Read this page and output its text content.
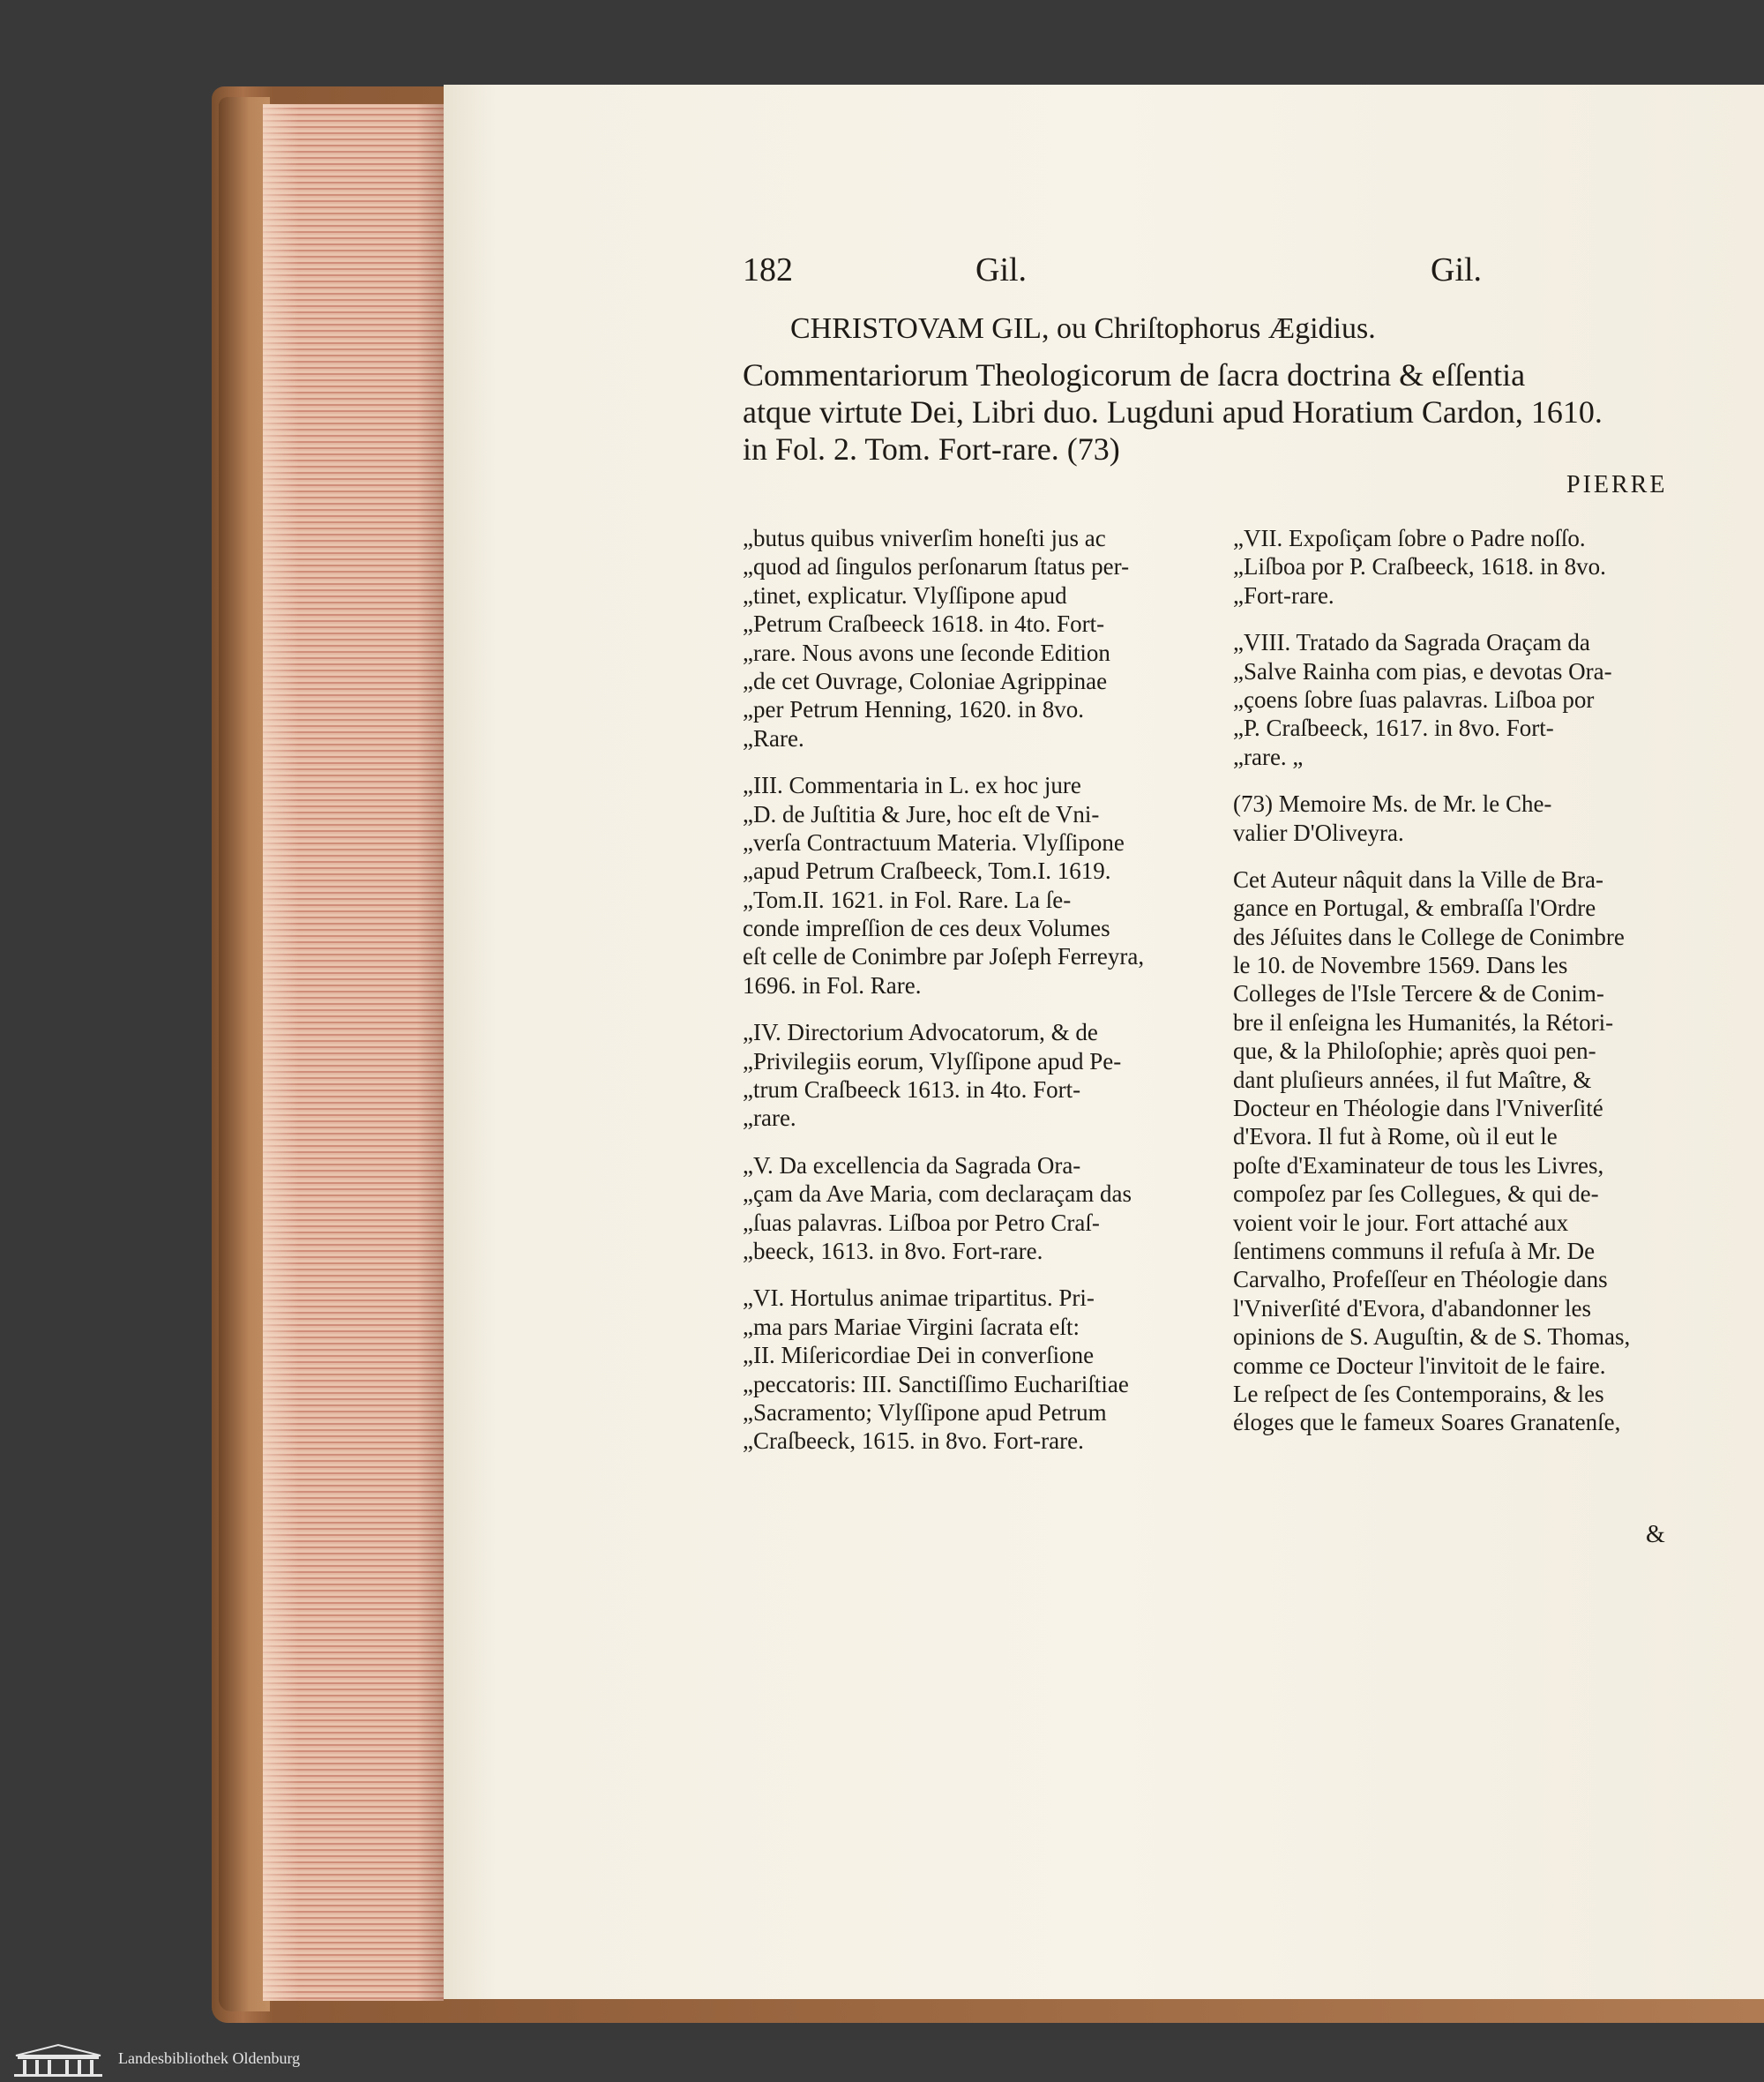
182	Gil.	Gil.
CHRISTOVAM GIL, ou Chriſtophorus Ægidius.
Commentariorum Theologicorum de ſacra doctrina & eſſentia
atque virtute Dei, Libri duo. Lugduni apud Horatium Cardon, 1610.
in Fol. 2. Tom. Fort-rare. (73)
PIERRE

„butus quibus vniverſim honeſti jus ac
„quod ad ſingulos perſonarum ſtatus per-
„tinet, explicatur. Vlyſſipone apud
„Petrum Craſbeeck 1618. in 4to. Fort-
„rare. Nous avons une ſeconde Edition
„de cet Ouvrage, Coloniae Agrippinae
„per Petrum Henning, 1620. in 8vo.
„Rare.

„III. Commentaria in L. ex hoc jure
„D. de Juſtitia & Jure, hoc eſt de Vni-
„verſa Contractuum Materia. Vlyſſipone
„apud Petrum Craſbeeck, Tom.I. 1619.
„Tom.II. 1621. in Fol. Rare. La ſe-
conde impreſſion de ces deux Volumes
eſt celle de Conimbre par Joſeph Ferreyra,
1696. in Fol. Rare.

„IV. Directorium Advocatorum, & de
„Privilegiis eorum, Vlyſſipone apud Pe-
„trum Craſbeeck 1613. in 4to. Fort-
„rare.

„V. Da excellencia da Sagrada Ora-
„çam da Ave Maria, com declaraçam das
„ſuas palavras. Liſboa por Petro Craſ-
„beeck, 1613. in 8vo. Fort-rare.

„VI. Hortulus animae tripartitus. Pri-
„ma pars Mariae Virgini ſacrata eſt:
„II. Miſericordiae Dei in converſione
„peccatoris: III. Sanctiſſimo Euchariſtiae
„Sacramento; Vlyſſipone apud Petrum
„Craſbeeck, 1615. in 8vo. Fort-rare.

„VII. Expoſiçam ſobre o Padre noſſo.
„Liſboa por P. Craſbeeck, 1618. in 8vo.
„Fort-rare.

„VIII. Tratado da Sagrada Oraçam da
„Salve Rainha com pias, e devotas Ora-
„çoens ſobre ſuas palavras. Liſboa por
„P. Craſbeeck, 1617. in 8vo. Fort-
„rare. „

(73) Memoire Ms. de Mr. le Che-
valier D'Oliveyra.

Cet Auteur nâquit dans la Ville de Bra-
gance en Portugal, & embraſſa l'Ordre
des Jéſuites dans le College de Conimbre
le 10. de Novembre 1569. Dans les
Colleges de l'Isle Tercere & de Conim-
bre il enſeigna les Humanités, la Rétori-
que, & la Philoſophie; après quoi pen-
dant pluſieurs années, il fut Maître, &
Docteur en Théologie dans l'Vniverſité
d'Evora. Il fut à Rome, où il eut le
poſte d'Examinateur de tous les Livres,
compoſez par ſes Collegues, & qui de-
voient voir le jour. Fort attaché aux
ſentimens communs il refuſa à Mr. De
Carvalho, Profeſſeur en Théologie dans
l'Vniverſité d'Evora, d'abandonner les
opinions de S. Auguſtin, & de S. Thomas,
comme ce Docteur l'invitoit de le faire.
Le reſpect de ſes Contemporains, & les
éloges que le fameux Soares Granatenſe,

&
Landesbibliothek Oldenburg
